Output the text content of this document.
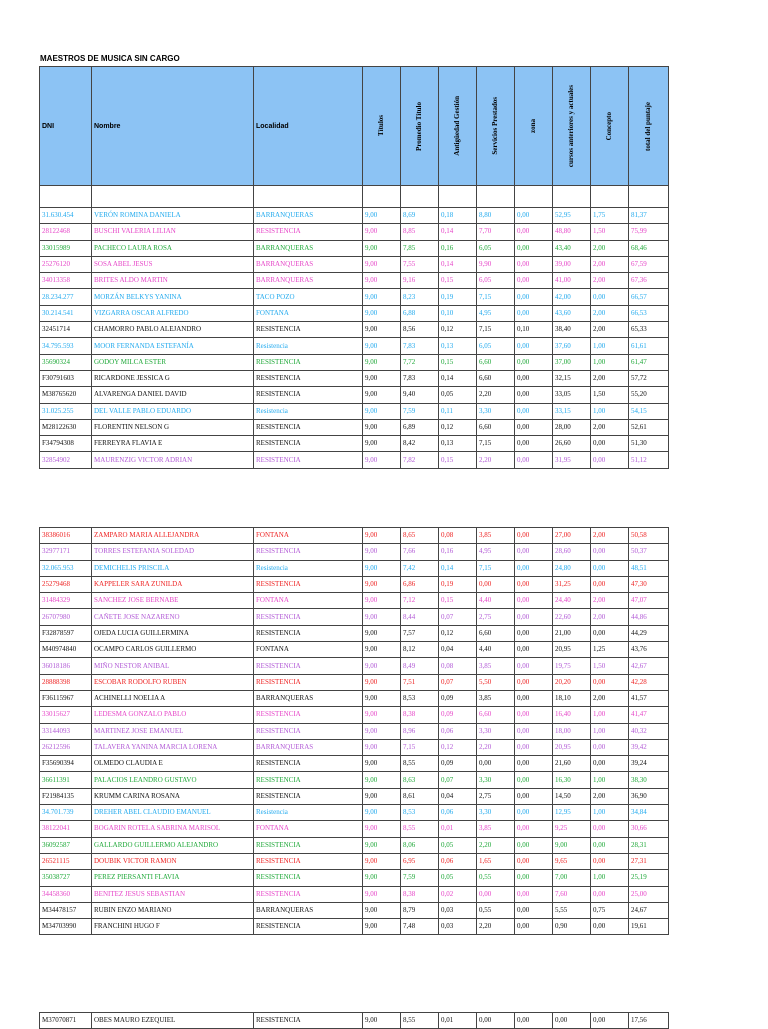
MAESTROS DE MUSICA SIN CARGO
DNI	Nombre	Localidad	Títulos	Promedio Título	Antigüedad Gestión	Servicios Prestados	zona	cursos anteriores y actuales	Concepto	total del puntaje

31.630.454	VERÓN ROMINA DANIELA	BARRANQUERAS	9,00	8,69	0,18	8,80	0,00	52,95	1,75	81,37
28122468	BUSCHI VALERIA LILIAN	RESISTENCIA	9,00	8,85	0,14	7,70	0,00	48,80	1,50	75,99
33015989	PACHECO LAURA ROSA	BARRANQUERAS	9,00	7,85	0,16	6,05	0,00	43,40	2,00	68,46
25276120	SOSA ABEL JESUS	BARRANQUERAS	9,00	7,55	0,14	9,90	0,00	39,00	2,00	67,59
34013358	BRITES ALDO MARTIN	BARRANQUERAS	9,00	9,16	0,15	6,05	0,00	41,00	2,00	67,36
28.234.277	MORZÁN BELKYS YANINA	TACO POZO	9,00	8,23	0,19	7,15	0,00	42,00	0,00	66,57
30.214.541	VIZGARRA OSCAR ALFREDO	FONTANA	9,00	6,88	0,10	4,95	0,00	43,60	2,00	66,53
32451714	CHAMORRO PABLO ALEJANDRO	RESISTENCIA	9,00	8,56	0,12	7,15	0,10	38,40	2,00	65,33
34.795.593	MOOR FERNANDA ESTEFANÍA	Resistencia	9,00	7,83	0,13	6,05	0,00	37,60	1,00	61,61
35690324	GODOY MILCA ESTER	RESISTENCIA	9,00	7,72	0,15	6,60	0,00	37,00	1,00	61,47
F30791603	RICARDONE JESSICA G	RESISTENCIA	9,00	7,83	0,14	6,60	0,00	32,15	2,00	57,72
M38765620	ALVARENGA DANIEL DAVID	RESISTENCIA	9,00	9,40	0,05	2,20	0,00	33,05	1,50	55,20
31.025.255	DEL VALLE PABLO EDUARDO	Resistencia	9,00	7,59	0,11	3,30	0,00	33,15	1,00	54,15
M28122630	FLORENTIN NELSON G	RESISTENCIA	9,00	6,89	0,12	6,60	0,00	28,00	2,00	52,61
F34794308	FERREYRA FLAVIA E	RESISTENCIA	9,00	8,42	0,13	7,15	0,00	26,60	0,00	51,30
32854902	MAURENZIG VICTOR ADRIAN	RESISTENCIA	9,00	7,82	0,15	2,20	0,00	31,95	0,00	51,12
38386016	ZAMPARO MARIA ALLEJANDRA	FONTANA	9,00	8,65	0,08	3,85	0,00	27,00	2,00	50,58
32977171	TORRES ESTEFANIA SOLEDAD	RESISTENCIA	9,00	7,66	0,16	4,95	0,00	28,60	0,00	50,37
32.065.953	DEMICHELIS PRISCILA	Resistencia	9,00	7,42	0,14	7,15	0,00	24,80	0,00	48,51
25279468	KAPPELER SARA ZUNILDA	RESISTENCIA	9,00	6,86	0,19	0,00	0,00	31,25	0,00	47,30
31484329	SANCHEZ JOSE BERNABE	FONTANA	9,00	7,12	0,15	4,40	0,00	24,40	2,00	47,07
26707980	CAÑETE JOSE NAZARENO	RESISTENCIA	9,00	8,44	0,07	2,75	0,00	22,60	2,00	44,86
F32878597	OJEDA LUCIA GUILLERMINA	RESISTENCIA	9,00	7,57	0,12	6,60	0,00	21,00	0,00	44,29
M40974840	OCAMPO CARLOS GUILLERMO	FONTANA	9,00	8,12	0,04	4,40	0,00	20,95	1,25	43,76
36018186	MIÑO NESTOR ANIBAL	RESISTENCIA	9,00	8,49	0,08	3,85	0,00	19,75	1,50	42,67
28888398	ESCOBAR RODOLFO RUBEN	RESISTENCIA	9,00	7,51	0,07	5,50	0,00	20,20	0,00	42,28
F36115967	ACHINELLI NOELIA A	BARRANQUERAS	9,00	8,53	0,09	3,85	0,00	18,10	2,00	41,57
33015627	LEDESMA GONZALO PABLO	RESISTENCIA	9,00	8,38	0,09	6,60	0,00	16,40	1,00	41,47
33144093	MARTINEZ JOSE EMANUEL	RESISTENCIA	9,00	8,96	0,06	3,30	0,00	18,00	1,00	40,32
26212596	TALAVERA YANINA MARCIA LORENA	BARRANQUERAS	9,00	7,15	0,12	2,20	0,00	20,95	0,00	39,42
F35690394	OLMEDO CLAUDIA E	RESISTENCIA	9,00	8,55	0,09	0,00	0,00	21,60	0,00	39,24
36611391	PALACIOS LEANDRO GUSTAVO	RESISTENCIA	9,00	8,63	0,07	3,30	0,00	16,30	1,00	38,30
F21984135	KRUMM CARINA ROSANA	RESISTENCIA	9,00	8,61	0,04	2,75	0,00	14,50	2,00	36,90
34.701.739	DREHER ABEL CLAUDIO EMANUEL	Resistencia	9,00	8,53	0,06	3,30	0,00	12,95	1,00	34,84
38122041	BOGARIN ROTELA SABRINA MARISOL	FONTANA	9,00	8,55	0,01	3,85	0,00	9,25	0,00	30,66
36092587	GALLARDO GUILLERMO ALEJANDRO	RESISTENCIA	9,00	8,06	0,05	2,20	0,00	9,00	0,00	28,31
26521115	DOUBIK VICTOR RAMON	RESISTENCIA	9,00	6,95	0,06	1,65	0,00	9,65	0,00	27,31
35038727	PEREZ PIERSANTI FLAVIA	RESISTENCIA	9,00	7,59	0,05	0,55	0,00	7,00	1,00	25,19
34458360	BENITEZ JESUS SEBASTIAN	RESISTENCIA	9,00	8,38	0,02	0,00	0,00	7,60	0,00	25,00
M34478157	RUBIN ENZO MARIANO	BARRANQUERAS	9,00	8,79	0,03	0,55	0,00	5,55	0,75	24,67
M34703990	FRANCHINI HUGO F	RESISTENCIA	9,00	7,48	0,03	2,20	0,00	0,90	0,00	19,61
M37070871	OBES MAURO EZEQUIEL	RESISTENCIA	9,00	8,55	0,01	0,00	0,00	0,00	0,00	17,56
